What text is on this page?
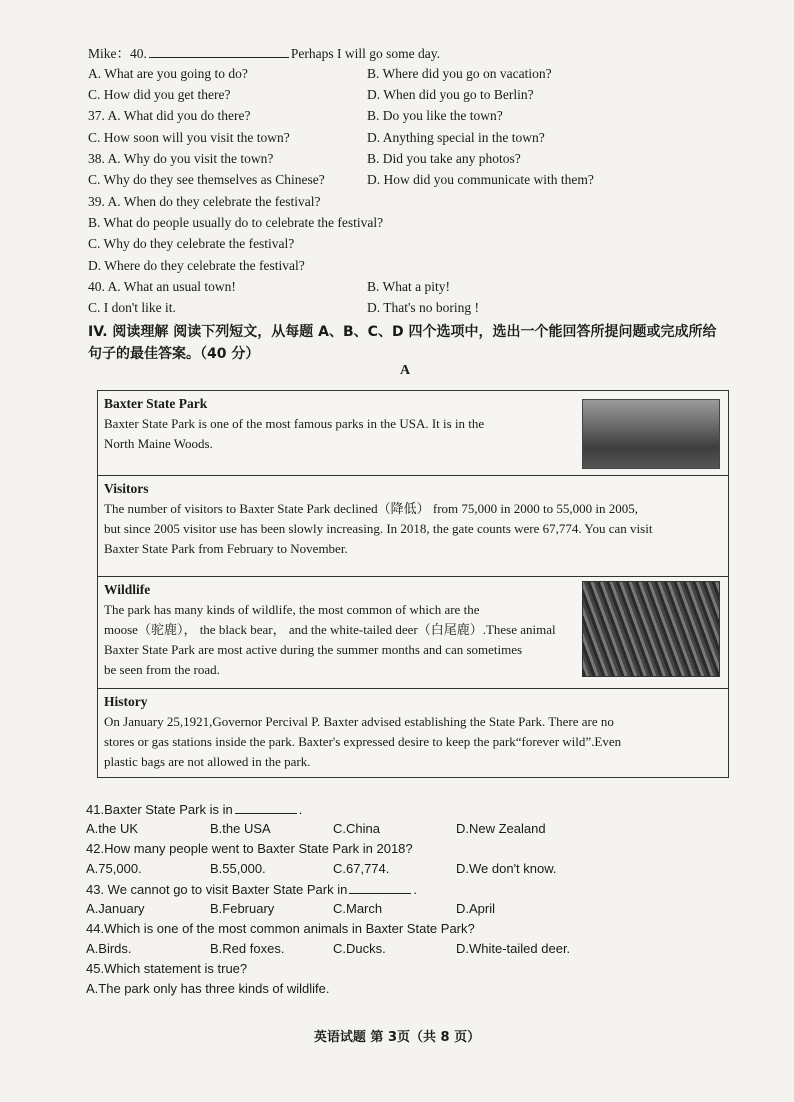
Mike：40.	Perhaps I will go some day.
A. What are you going to do?	B. Where did you go on vacation?
C. How did you get there?	D. When did you go to Berlin?
37. A. What did you do there?	B. Do you like the town?
C. How soon will you visit the town?	D. Anything special in the town?
38. A. Why do you visit the town?	B. Did you take any photos?
C. Why do they see themselves as Chinese?	D. How did you communicate with them?
39. A. When do they celebrate the festival?
B. What do people usually do to celebrate the festival?
C. Why do they celebrate the festival?
D. Where do they celebrate the festival?
40. A. What an usual town!	B. What a pity!
C. I don't like it.	D. That's no boring !
IV. 阅读理解 阅读下列短文，从每题 A、B、C、D 四个选项中，选出一个能回答所提问题或完成所给句子的最佳答案。（40 分）
A
Baxter State Park

Baxter State Park is one of the most famous parks in the USA. It is in the

North Maine Woods.

Visitors

The number of visitors to Baxter State Park declined（降低） from 75,000 in 2000 to 55,000 in 2005,

but since 2005 visitor use has been slowly increasing. In 2018, the gate counts were 67,774. You can visit

Baxter State Park from February to November.

Wildlife

The park has many kinds of wildlife, the most common of which are the

moose（驼鹿）， the black bear， and the white-tailed deer（白尾鹿）.These animal

Baxter State Park are most active during the summer months and can sometimes

be seen from the road.

History

On January 25,1921,Governor Percival P. Baxter advised establishing the State Park. There are no

stores or gas stations inside the park. Baxter's expressed desire to keep the park“forever wild”.Even

plastic bags are not allowed in the park.

41.Baxter State Park is in	.
A.the UK	B.the USA	C.China	D.New Zealand
42.How many people went to Baxter State Park in 2018?
A.75,000.	B.55,000.	C.67,774.	D.We don't know.
43. We cannot go to visit Baxter State Park in	.
A.January	B.February	C.March	D.April
44.Which is one of the most common animals in Baxter State Park?
A.Birds.	B.Red foxes.	C.Ducks.	D.White-tailed deer.
45.Which statement is true?
A.The park only has three kinds of wildlife.
英语试题 第 3页（共 8 页）
